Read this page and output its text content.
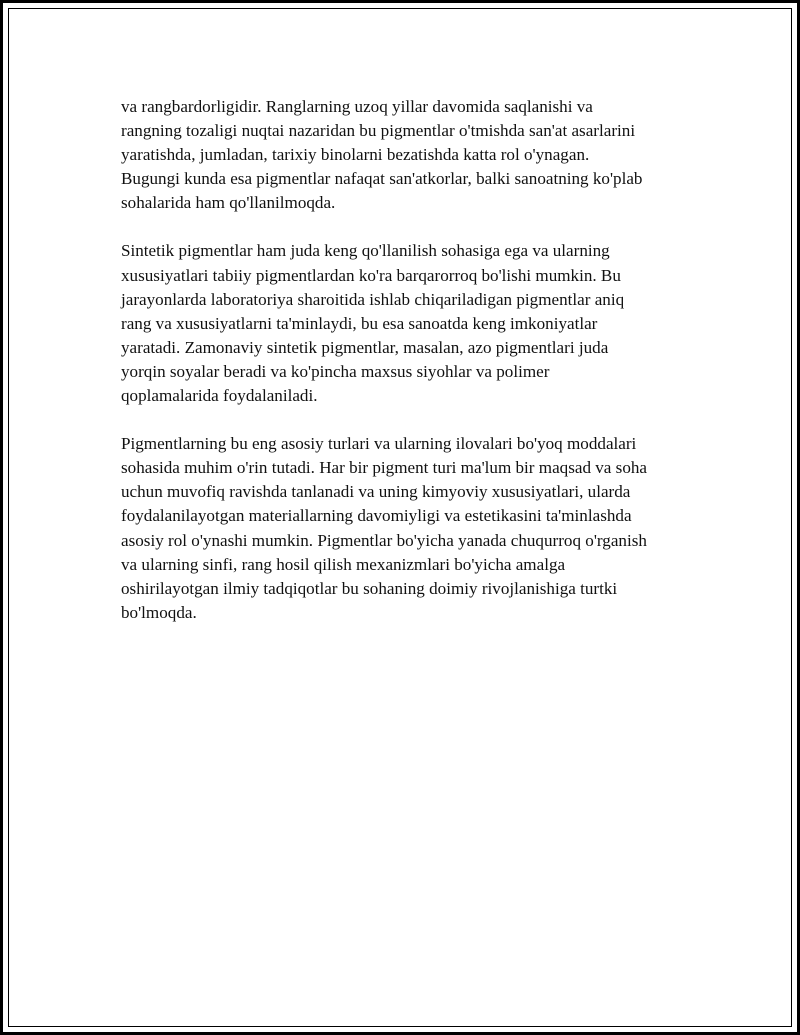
va rangbardorligidir. Ranglarning uzoq yillar davomida saqlanishi va
rangning tozaligi nuqtai nazaridan bu pigmentlar o'tmishda san'at asarlarini
yaratishda, jumladan, tarixiy binolarni bezatishda katta rol o'ynagan.
Bugungi kunda esa pigmentlar nafaqat san'atkorlar, balki sanoatning ko'plab
sohalarida ham qo'llanilmoqda.

Sintetik pigmentlar ham juda keng qo'llanilish sohasiga ega va ularning
xususiyatlari tabiiy pigmentlardan ko'ra barqarorroq bo'lishi mumkin. Bu
jarayonlarda laboratoriya sharoitida ishlab chiqariladigan pigmentlar aniq
rang va xususiyatlarni ta'minlaydi, bu esa sanoatda keng imkoniyatlar
yaratadi. Zamonaviy sintetik pigmentlar, masalan, azo pigmentlari juda
yorqin soyalar beradi va ko'pincha maxsus siyohlar va polimer
qoplamalarida foydalaniladi.

Pigmentlarning bu eng asosiy turlari va ularning ilovalari bo'yoq moddalari
sohasida muhim o'rin tutadi. Har bir pigment turi ma'lum bir maqsad va soha
uchun muvofiq ravishda tanlanadi va uning kimyoviy xususiyatlari, ularda
foydalanilayotgan materiallarning davomiyligi va estetikasini ta'minlashda
asosiy rol o'ynashi mumkin. Pigmentlar bo'yicha yanada chuqurroq o'rganish
va ularning sinfi, rang hosil qilish mexanizmlari bo'yicha amalga
oshirilayotgan ilmiy tadqiqotlar bu sohaning doimiy rivojlanishiga turtki
bo'lmoqda.
